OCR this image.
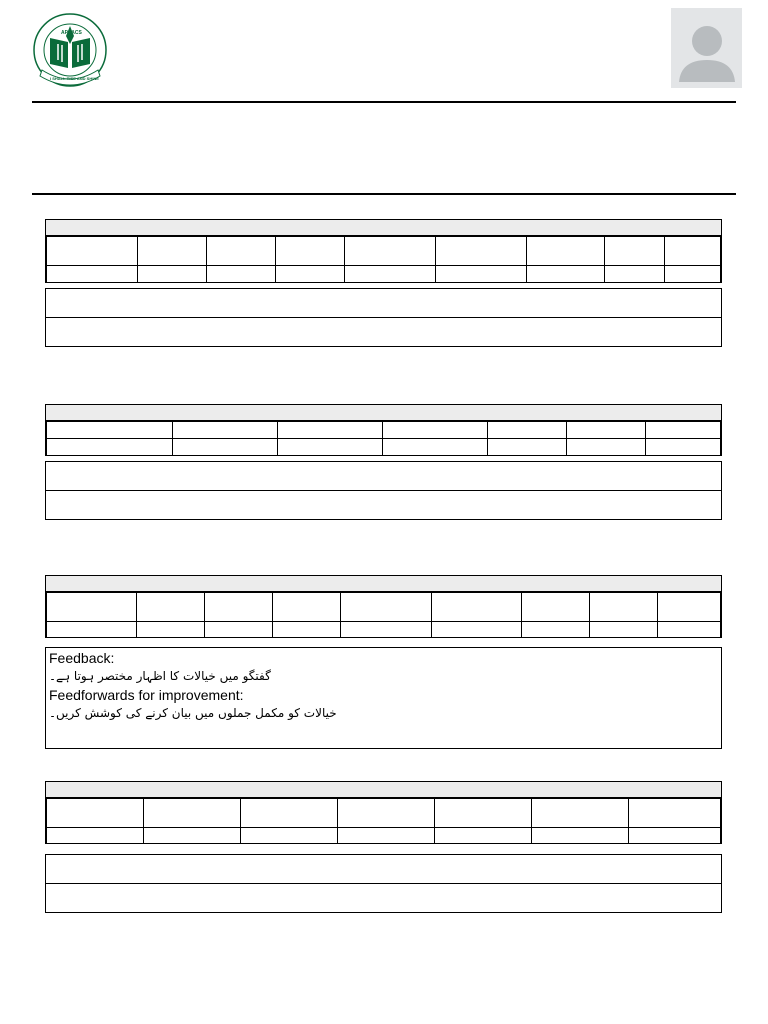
APSACS
I SHALL RISE AND SHINE

Feedback:
گفتگو میں خیالات کا اظہار مختصر ہوتا ہے۔
Feedforwards for improvement:
خیالات کو مکمل جملوں میں بیان کرنے کی کوشش کریں۔
